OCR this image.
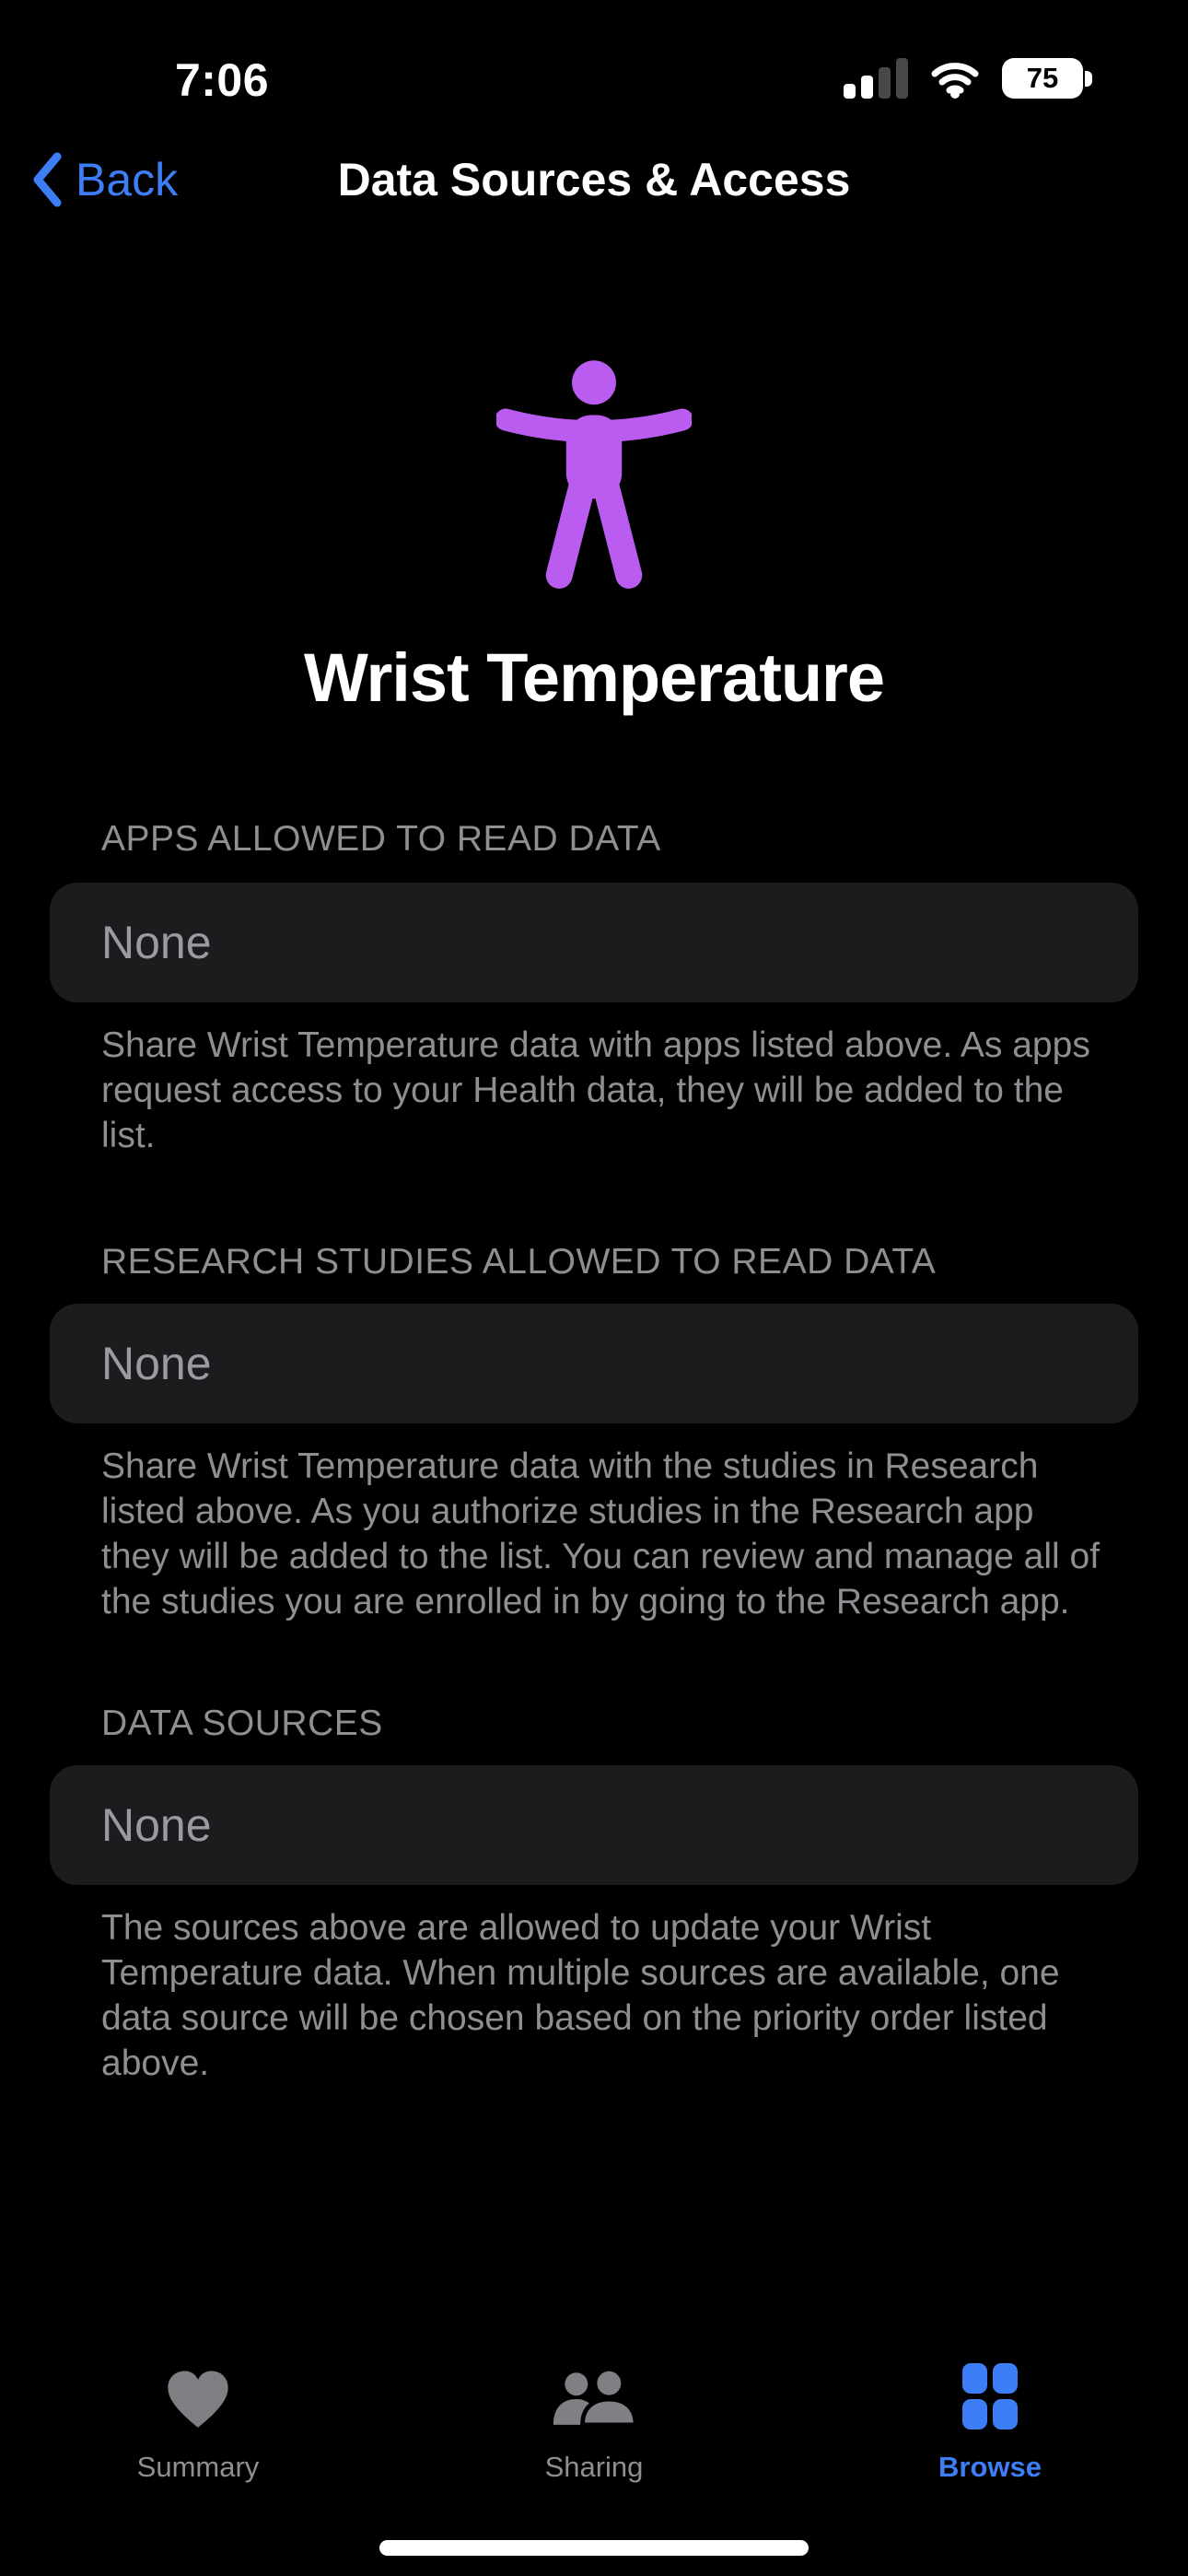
7:06	75
Data Sources & Access
Back
Wrist Temperature
APPS ALLOWED TO READ DATA
None
Share Wrist Temperature data with apps listed above. As apps request access to your Health data, they will be added to the list.
RESEARCH STUDIES ALLOWED TO READ DATA
None
Share Wrist Temperature data with the studies in Research listed above. As you authorize studies in the Research app they will be added to the list. You can review and manage all of the studies you are enrolled in by going to the Research app.
DATA SOURCES
None
The sources above are allowed to update your Wrist Temperature data. When multiple sources are available, one data source will be chosen based on the priority order listed above.
Summary	Sharing	Browse
